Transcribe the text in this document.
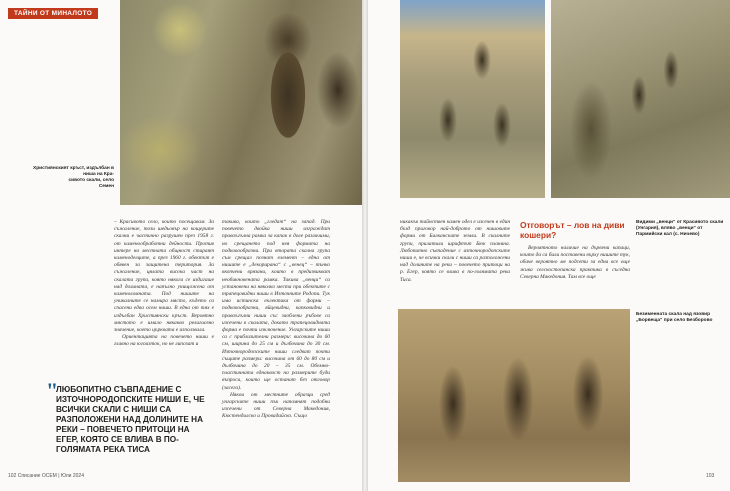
ТАЙНИ ОТ МИНАЛОТО
Християнският кръст, издълбан в ниша на Кра-
сивото скали, село
Семен
– Красивото село, които посещавам. За съжаление, този шедьовър на кощерите скални е частично разрушен през 1958 г. от каменообработни дейности. Против интере на местната общност стираят каменоделците, а през 1960 г. обектът е обявен за защитена територия. За съжаление, цялата висока част на скалата група, която някога се издигаше над долината, е напълно унищожена от каменоломната. Под нишите на уникалните се намира място, където са спасени едва осем ниши. В една от тях е издълбан Християнски кръст. Вероятно мястото е имало някакво религиозно значение, което църквата е използвала.

Ориентацията на повечето ниши е главно на югоизток, но не липсват и
такива, които „гледат“ на запад. При повечето двойка ниши изграждат правоъгълна рамка за капак в доле различими, но срещането под нея формата на подковообразни. При втората скална група съм срещал познат елемент – една от нишите е „декорирана“ с „венец“ – тънко вкопчени врязани, които в предизвикват необикновената рамка. Такива „венци“ са установени на няколко места при обектите с трапецовидни ниши в Източните Родопи. Тук има истинска еклектика от форми – подковообразни, яйцевидни, капковидни и правоъгълни ниши със заоблени ръбове са изсечени в скалата, докато трапецовидната форма е почти изключение. Унгарските ниши са с приблизителни размери: височина до 60 см, ширина до 25 см и дълбочина до 30 см. Източнородопските ниши следват почти същите размери: височина от 60 до 80 см и дълбочина до 20 – 35 см. Обемно-пластичната еднаквост на размерите буди въпроси, които ще останат без отговор (засега).

Някои от местните образци сред унгарските ниши пък напомнят подобни изсечени от Северна Македония, Кюстендилско и Провадийско. Също
"
ЛЮБОПИТНО СЪВПАДЕНИЕ С ИЗТОЧНОРОДОПСКИТЕ НИШИ Е, ЧЕ ВСИЧКИ СКАЛИ С НИШИ СА РАЗПОЛОЖЕНИ НАД ДОЛИНИТЕ НА РЕКИ – ПОВЕЧЕТО ПРИТОЦИ НА ЕГЕР, КОЯТО СЕ ВЛИВА В ПО-ГОЛЯМАТА РЕКА ТИСА
102 Списание ОСЕМ | Юли 2024
никакъв тайнствен камен одел е изсечен в един бъзд приговор най-доброто от нишовите форми от Балканските земли. В скалните групи, прилатили шрифтът Бюк планина. Любопитно съвпадение с източнородопските ниши е, че всички скали с ниши са разположени над долините на реки – повечето притоци на р. Егер, която се влива в по-голямата река Тиса.
Отговорът – лов на диви кошери?
Вероятното наличие на дървени капаци, които да са били поставени върху нишите тук, обаче вероятно ме подсети за една все още жива селскостопанска практика в съседна Северна Македония. Там все още
Видими „венци“ от Красивото скали (Унгария), вляво „венци“ от Пармийски кал (с. Ничево)
Безименната скала над язовир „Борвеща“ при село Безборово
103
